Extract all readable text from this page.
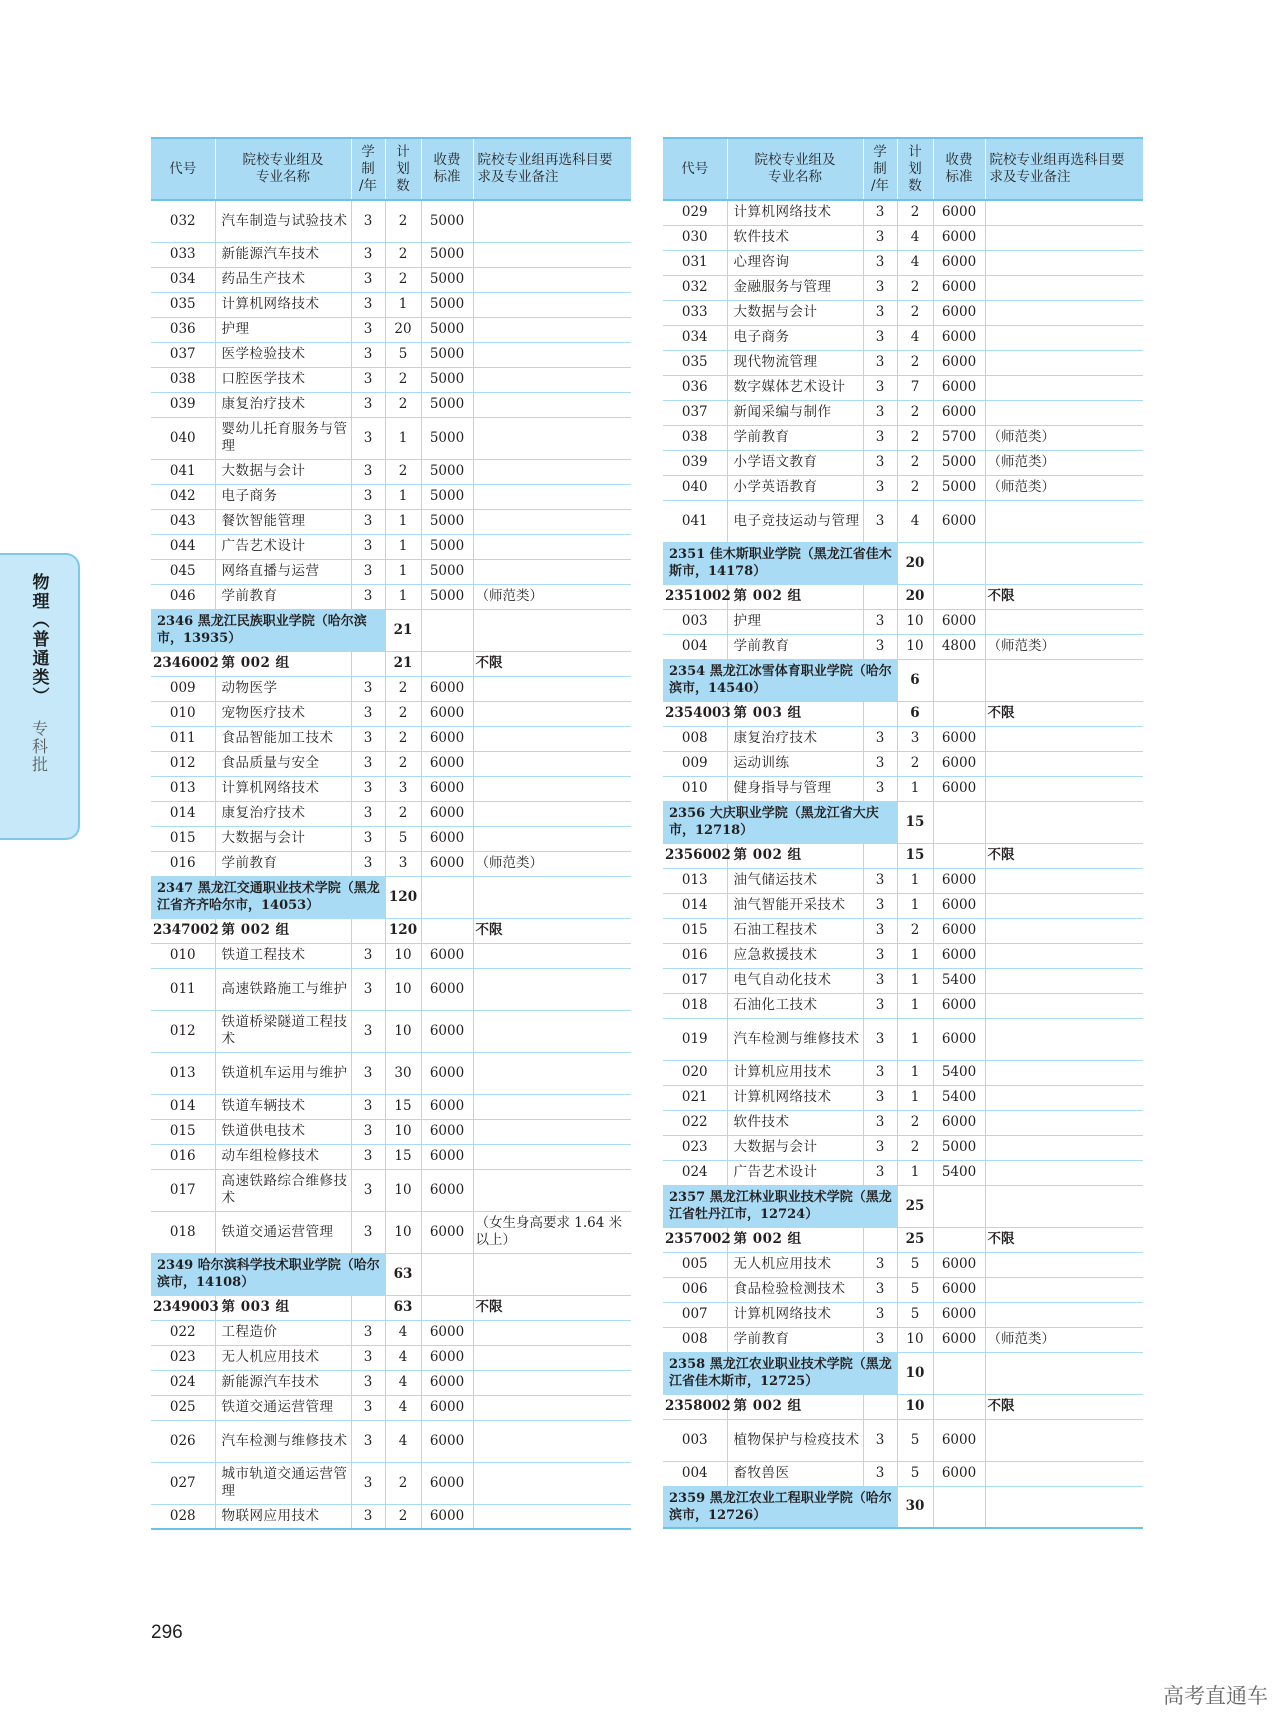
物理（普通类）
专科批
代号	院校专业组及
专业名称	学
制
/年	计
划
数	收费
标准	院校专业组再选科目要
求及专业备注
032	汽车制造与试验技术	3	2	5000	
033	新能源汽车技术	3	2	5000	
034	药品生产技术	3	2	5000	
035	计算机网络技术	3	1	5000	
036	护理	3	20	5000	
037	医学检验技术	3	5	5000	
038	口腔医学技术	3	2	5000	
039	康复治疗技术	3	2	5000	
040	婴幼儿托育服务与管理	3	1	5000	
041	大数据与会计	3	2	5000	
042	电子商务	3	1	5000	
043	餐饮智能管理	3	1	5000	
044	广告艺术设计	3	1	5000	
045	网络直播与运营	3	1	5000	
046	学前教育	3	1	5000	（师范类）
2346 黑龙江民族职业学院（哈尔滨市，13935）			21		
2346002	第 002 组		21		不限
009	动物医学	3	2	6000	
010	宠物医疗技术	3	2	6000	
011	食品智能加工技术	3	2	6000	
012	食品质量与安全	3	2	6000	
013	计算机网络技术	3	3	6000	
014	康复治疗技术	3	2	6000	
015	大数据与会计	3	5	6000	
016	学前教育	3	3	6000	（师范类）
2347 黑龙江交通职业技术学院（黑龙江省齐齐哈尔市，14053）			120		
2347002	第 002 组		120		不限
010	铁道工程技术	3	10	6000	
011	高速铁路施工与维护	3	10	6000	
012	铁道桥梁隧道工程技术	3	10	6000	
013	铁道机车运用与维护	3	30	6000	
014	铁道车辆技术	3	15	6000	
015	铁道供电技术	3	10	6000	
016	动车组检修技术	3	15	6000	
017	高速铁路综合维修技术	3	10	6000	
018	铁道交通运营管理	3	10	6000	（女生身高要求 1.64 米以上）
2349 哈尔滨科学技术职业学院（哈尔滨市，14108）			63		
2349003	第 003 组		63		不限
022	工程造价	3	4	6000	
023	无人机应用技术	3	4	6000	
024	新能源汽车技术	3	4	6000	
025	铁道交通运营管理	3	4	6000	
026	汽车检测与维修技术	3	4	6000	
027	城市轨道交通运营管理	3	2	6000	
028	物联网应用技术	3	2	6000	
代号	院校专业组及
专业名称	学
制
/年	计
划
数	收费
标准	院校专业组再选科目要
求及专业备注
029	计算机网络技术	3	2	6000	
030	软件技术	3	4	6000	
031	心理咨询	3	4	6000	
032	金融服务与管理	3	2	6000	
033	大数据与会计	3	2	6000	
034	电子商务	3	4	6000	
035	现代物流管理	3	2	6000	
036	数字媒体艺术设计	3	7	6000	
037	新闻采编与制作	3	2	6000	
038	学前教育	3	2	5700	（师范类）
039	小学语文教育	3	2	5000	（师范类）
040	小学英语教育	3	2	5000	（师范类）
041	电子竞技运动与管理	3	4	6000	
2351 佳木斯职业学院（黑龙江省佳木斯市，14178）			20		
2351002	第 002 组		20		不限
003	护理	3	10	6000	
004	学前教育	3	10	4800	（师范类）
2354 黑龙江冰雪体育职业学院（哈尔滨市，14540）			6		
2354003	第 003 组		6		不限
008	康复治疗技术	3	3	6000	
009	运动训练	3	2	6000	
010	健身指导与管理	3	1	6000	
2356 大庆职业学院（黑龙江省大庆市，12718）			15		
2356002	第 002 组		15		不限
013	油气储运技术	3	1	6000	
014	油气智能开采技术	3	1	6000	
015	石油工程技术	3	2	6000	
016	应急救援技术	3	1	6000	
017	电气自动化技术	3	1	5400	
018	石油化工技术	3	1	6000	
019	汽车检测与维修技术	3	1	6000	
020	计算机应用技术	3	1	5400	
021	计算机网络技术	3	1	5400	
022	软件技术	3	2	6000	
023	大数据与会计	3	2	5000	
024	广告艺术设计	3	1	5400	
2357 黑龙江林业职业技术学院（黑龙江省牡丹江市，12724）			25		
2357002	第 002 组		25		不限
005	无人机应用技术	3	5	6000	
006	食品检验检测技术	3	5	6000	
007	计算机网络技术	3	5	6000	
008	学前教育	3	10	6000	（师范类）
2358 黑龙江农业职业技术学院（黑龙江省佳木斯市，12725）			10		
2358002	第 002 组		10		不限
003	植物保护与检疫技术	3	5	6000	
004	畜牧兽医	3	5	6000	
2359 黑龙江农业工程职业学院（哈尔滨市，12726）			30		
296
高考直通车
